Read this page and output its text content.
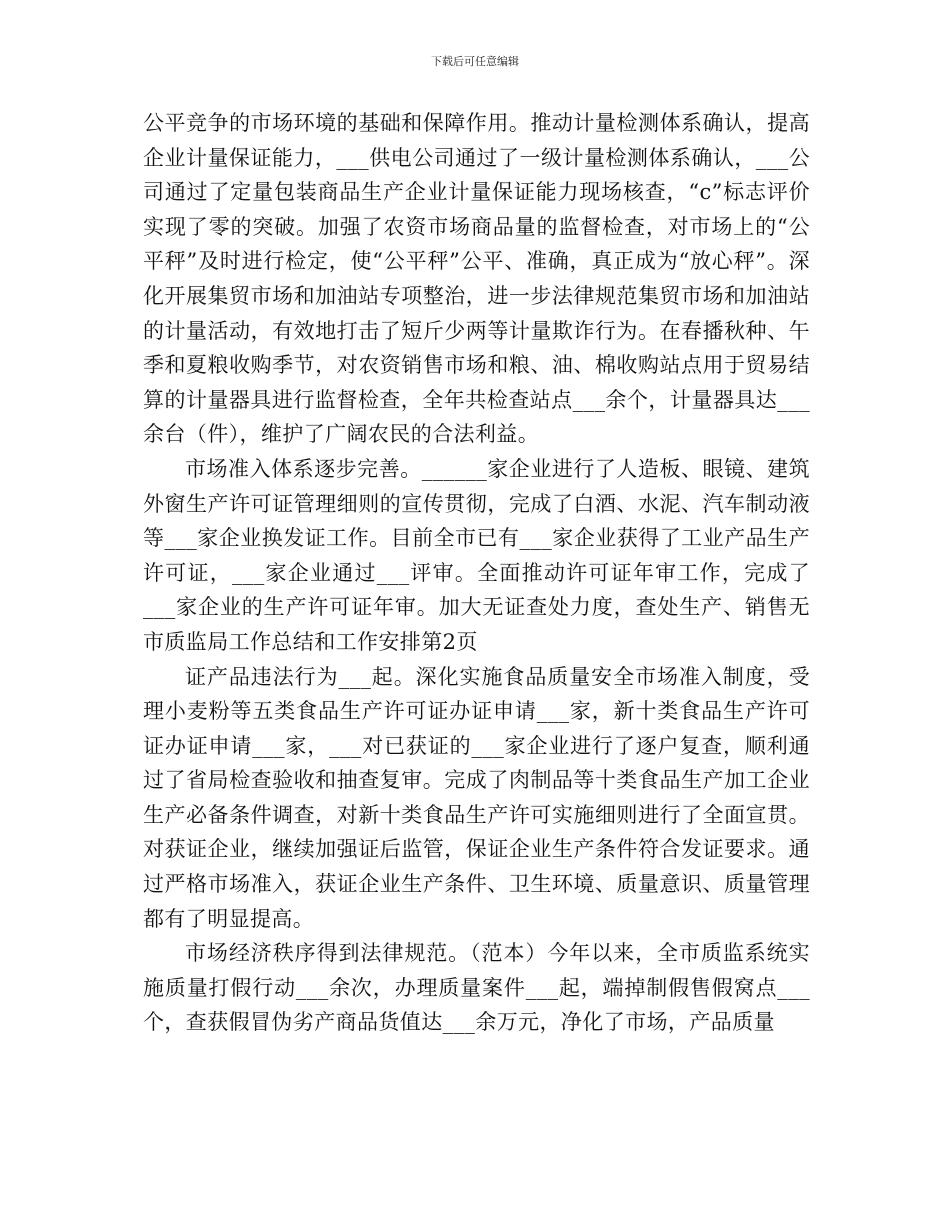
下载后可任意编辑

公平竞争的市场环境的基础和保障作用。推动计量检测体系确认，提高企业计量保证能力，___供电公司通过了一级计量检测体系确认，___公司通过了定量包装商品生产企业计量保证能力现场核查，“c”标志评价实现了零的突破。加强了农资市场商品量的监督检查，对市场上的“公平秤”及时进行检定，使“公平秤”公平、准确，真正成为“放心秤”。深化开展集贸市场和加油站专项整治，进一步法律规范集贸市场和加油站的计量活动，有效地打击了短斤少两等计量欺诈行为。在春播秋种、午季和夏粮收购季节，对农资销售市场和粮、油、棉收购站点用于贸易结算的计量器具进行监督检查，全年共检查站点___余个，计量器具达___余台（件），维护了广阔农民的合法利益。

市场准入体系逐步完善。______家企业进行了人造板、眼镜、建筑外窗生产许可证管理细则的宣传贯彻，完成了白酒、水泥、汽车制动液等___家企业换发证工作。目前全市已有___家企业获得了工业产品生产许可证，___家企业通过___评审。全面推动许可证年审工作，完成了___家企业的生产许可证年审。加大无证查处力度，查处生产、销售无市质监局工作总结和工作安排第2页

证产品违法行为___起。深化实施食品质量安全市场准入制度，受理小麦粉等五类食品生产许可证办证申请___家，新十类食品生产许可证办证申请___家，___对已获证的___家企业进行了逐户复查，顺利通过了省局检查验收和抽查复审。完成了肉制品等十类食品生产加工企业生产必备条件调查，对新十类食品生产许可实施细则进行了全面宣贯。对获证企业，继续加强证后监管，保证企业生产条件符合发证要求。通过严格市场准入，获证企业生产条件、卫生环境、质量意识、质量管理都有了明显提高。

市场经济秩序得到法律规范。（范本）今年以来，全市质监系统实施质量打假行动___余次，办理质量案件___起，端掉制假售假窝点___个，查获假冒伪劣产商品货值达___余万元，净化了市场，产品质量
